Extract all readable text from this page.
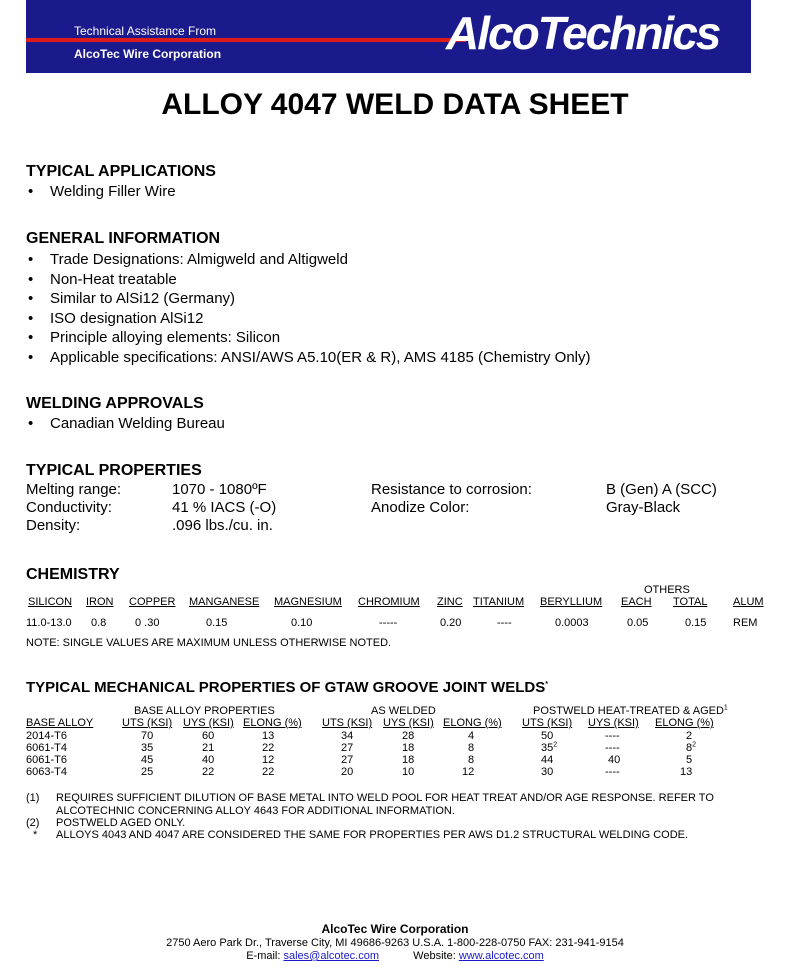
Technical Assistance From
AlcoTec Wire Corporation	AlcoTechnics
ALLOY 4047 WELD DATA SHEET
TYPICAL APPLICATIONS
• Welding Filler Wire
GENERAL INFORMATION
• Trade Designations: Almigweld and Altigweld
• Non-Heat treatable
• Similar to AlSi12 (Germany)
• ISO designation AlSi12
• Principle alloying elements: Silicon
• Applicable specifications: ANSI/AWS A5.10(ER & R), AMS 4185 (Chemistry Only)
WELDING APPROVALS
• Canadian Welding Bureau
TYPICAL PROPERTIES
Melting range:	1070 - 1080ºF	Resistance to corrosion:	B (Gen) A (SCC)
Conductivity:	41 % IACS (-O)	Anodize Color:	Gray-Black
Density:	.096 lbs./cu. in.
CHEMISTRY
OTHERS
SILICON IRON COPPER MANGANESE MAGNESIUM CHROMIUM ZINC TITANIUM BERYLLIUM EACH TOTAL ALUM
11.0-13.0 0.8	0 .30	0.15	0.10	-----	0.20	----	0.0003	0.05	0.15 REM
NOTE: SINGLE VALUES ARE MAXIMUM UNLESS OTHERWISE NOTED.
TYPICAL MECHANICAL PROPERTIES OF GTAW GROOVE JOINT WELDS*
BASE ALLOY PROPERTIES	AS WELDED	POSTWELD HEAT-TREATED & AGED$^1$
BASE ALLOY	UTS (KSI) UYS (KSI) ELONG (%) UTS (KSI) UYS (KSI) ELONG (%) UTS (KSI) UYS (KSI) ELONG (%)
2014-T6	70	60	13	34	28	4	50	----	2
6061-T4	35	21	22	27	18	8	$35^2$	----	$8^2$
6061-T6	45	40	12	27	18	8	44	40	5
6063-T4	25	22	22	20	10	12	30	----	13
(1) REQUIRES SUFFICIENT DILUTION OF BASE METAL INTO WELD POOL FOR HEAT TREAT AND/OR AGE RESPONSE. REFER TO
ALCOTECHNIC CONCERNING ALLOY 4643 FOR ADDITIONAL INFORMATION.
(2) POSTWELD AGED ONLY.
* ALLOYS 4043 AND 4047 ARE CONSIDERED THE SAME FOR PROPERTIES PER AWS D1.2 STRUCTURAL WELDING CODE.
AlcoTec Wire Corporation
2750 Aero Park Dr., Traverse City, MI 49686-9263 U.S.A. 1-800-228-0750 FAX: 231-941-9154
E-mail: sales@alcotec.com	Website: www.alcotec.com
